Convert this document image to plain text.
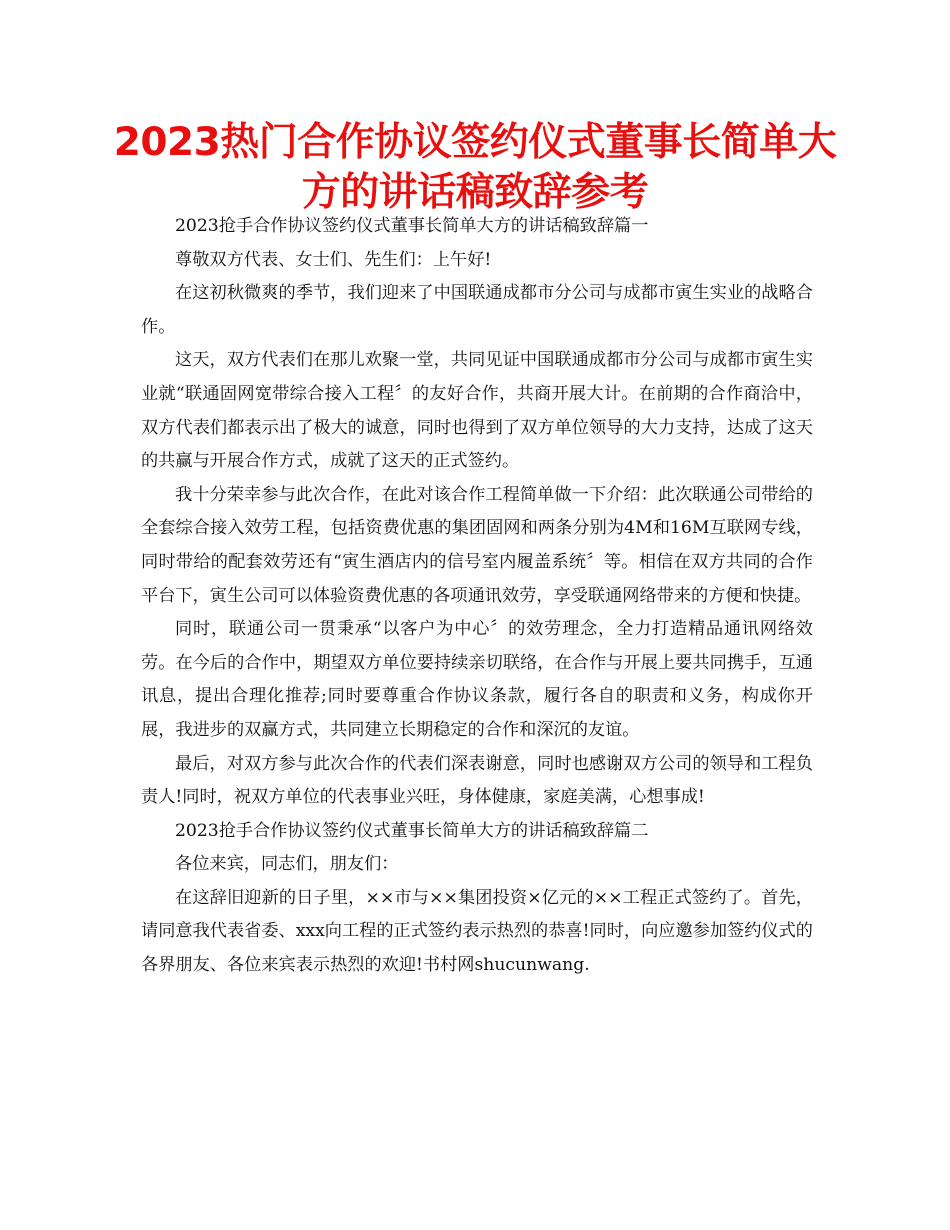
2023热门合作协议签约仪式董事长简单大方的讲话稿致辞参考

2023抢手合作协议签约仪式董事长简单大方的讲话稿致辞篇一

尊敬双方代表、女士们、先生们：上午好!

在这初秋微爽的季节，我们迎来了中国联通成都市分公司与成都市寅生实业的战略合作。

这天，双方代表们在那儿欢聚一堂，共同见证中国联通成都市分公司与成都市寅生实业就“联通固网宽带综合接入工程〞的友好合作，共商开展大计。在前期的合作商洽中，双方代表们都表示出了极大的诚意，同时也得到了双方单位领导的大力支持，达成了这天的共赢与开展合作方式，成就了这天的正式签约。

我十分荣幸参与此次合作，在此对该合作工程简单做一下介绍：此次联通公司带给的全套综合接入效劳工程，包括资费优惠的集团固网和两条分别为4M和16M互联网专线，同时带给的配套效劳还有“寅生酒店内的信号室内履盖系统〞等。相信在双方共同的合作平台下，寅生公司可以体验资费优惠的各项通讯效劳，享受联通网络带来的方便和快捷。

同时，联通公司一贯秉承“以客户为中心〞的效劳理念，全力打造精品通讯网络效劳。在今后的合作中，期望双方单位要持续亲切联络，在合作与开展上要共同携手，互通讯息，提出合理化推荐;同时要尊重合作协议条款，履行各自的职责和义务，构成你开展，我进步的双赢方式，共同建立长期稳定的合作和深沉的友谊。

最后，对双方参与此次合作的代表们深表谢意，同时也感谢双方公司的领导和工程负责人!同时，祝双方单位的代表事业兴旺，身体健康，家庭美满，心想事成!

2023抢手合作协议签约仪式董事长简单大方的讲话稿致辞篇二

各位来宾，同志们，朋友们：

在这辞旧迎新的日子里，××市与××集团投资×亿元的××工程正式签约了。首先，请同意我代表省委、xxx向工程的正式签约表示热烈的恭喜!同时，向应邀参加签约仪式的各界朋友、各位来宾表示热烈的欢迎!书村网shucunwang.
